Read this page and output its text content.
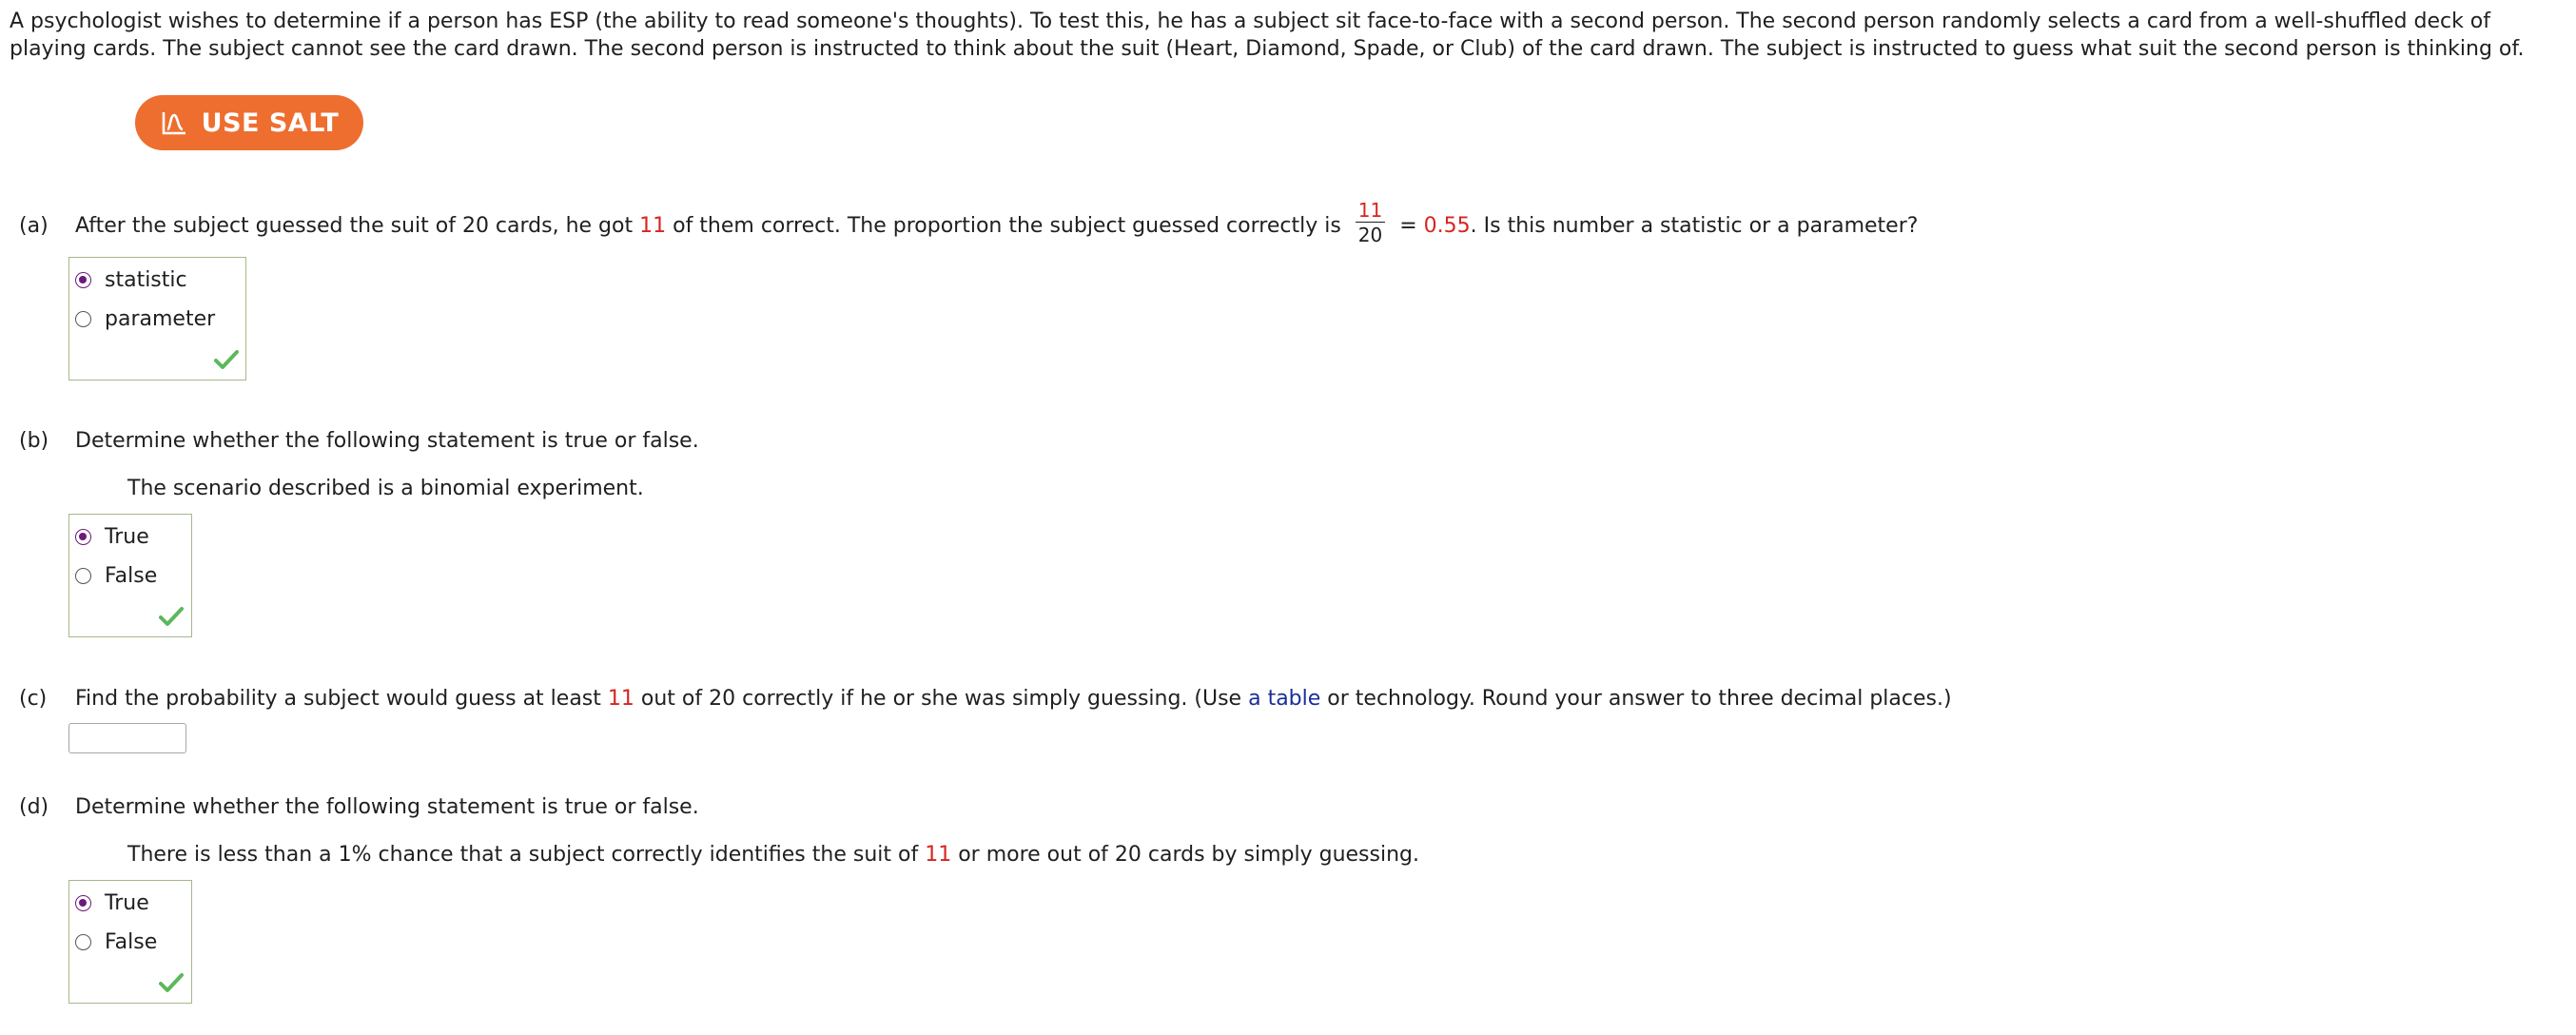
A psychologist wishes to determine if a person has ESP (the ability to read someone's thoughts). To test this, he has a subject sit face-to-face with a second person. The second person randomly selects a card from a well-shuffled deck of playing cards. The subject cannot see the card drawn. The second person is instructed to think about the suit (Heart, Diamond, Spade, or Club) of the card drawn. The subject is instructed to guess what suit the second person is thinking of.
USE SALT
(a) After the subject guessed the suit of 20 cards, he got 11 of them correct. The proportion the subject guessed correctly is $\frac{11}{20} = 0.55$. Is this number a statistic or a parameter?
statistic
parameter
(b) Determine whether the following statement is true or false.
The scenario described is a binomial experiment.
True
False
(c) Find the probability a subject would guess at least 11 out of 20 correctly if he or she was simply guessing. (Use a table or technology. Round your answer to three decimal places.)
(d) Determine whether the following statement is true or false.
There is less than a 1% chance that a subject correctly identifies the suit of 11 or more out of 20 cards by simply guessing.
True
False
